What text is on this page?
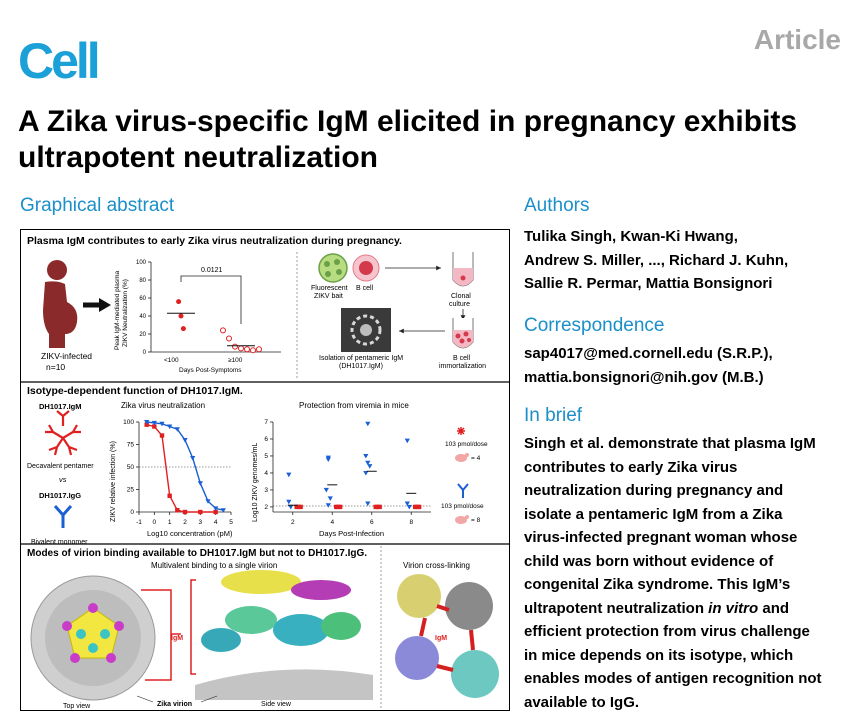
Cell	Article
A Zika virus-specific IgM elicited in pregnancy exhibits ultrapotent neutralization
Graphical abstract
Plasma IgM contributes to early Zika virus neutralization during pregnancy.
ZIKV-infected
n=10
Peak IgM-mediated plasma ZIKV Neutralization (%)
0
20
40
60
80
100
<100	≥100
Days Post-Symptoms
0.0121
Fluorescent
ZIKV bait
B cell
Clonal
culture
B cell
immortalization
Isolation of pentameric IgM
(DH1017.IgM)
Isotype-dependent function of DH1017.IgM.
DH1017.IgM
Decavalent pentamer
vs
DH1017.IgG
Bivalent monomer
Zika virus neutralization
ZIKV relative infection (%) 0
25
50
75
100
-1 0 1 2 3 4 5
Log10 concentration (pM)
Protection from viremia in mice
Log10 ZIKV genomes/mL 2
3
4
5
6
7
2	4	6	8
Days Post-Infection
103 pmol/dose
= 4
103 pmol/dose
= 8
Modes of virion binding available to DH1017.IgM but not to DH1017.IgG.
Multivalent binding to a single virion	Virion cross-linking
Top view
IgM
Side view
Zika virion
IgM
Authors
Tulika Singh, Kwan-Ki Hwang,
Andrew S. Miller, ..., Richard J. Kuhn,
Sallie R. Permar, Mattia Bonsignori
Correspondence
sap4017@med.cornell.edu (S.R.P.),
mattia.bonsignori@nih.gov (M.B.)
In brief
Singh et al. demonstrate that plasma IgM
contributes to early Zika virus
neutralization during pregnancy and
isolate a pentameric IgM from a Zika
virus-infected pregnant woman whose
child was born without evidence of
congenital Zika syndrome. This IgM’s
ultrapotent neutralization in vitro and
efficient protection from virus challenge
in mice depends on its isotype, which
enables modes of antigen recognition not
available to IgG.
